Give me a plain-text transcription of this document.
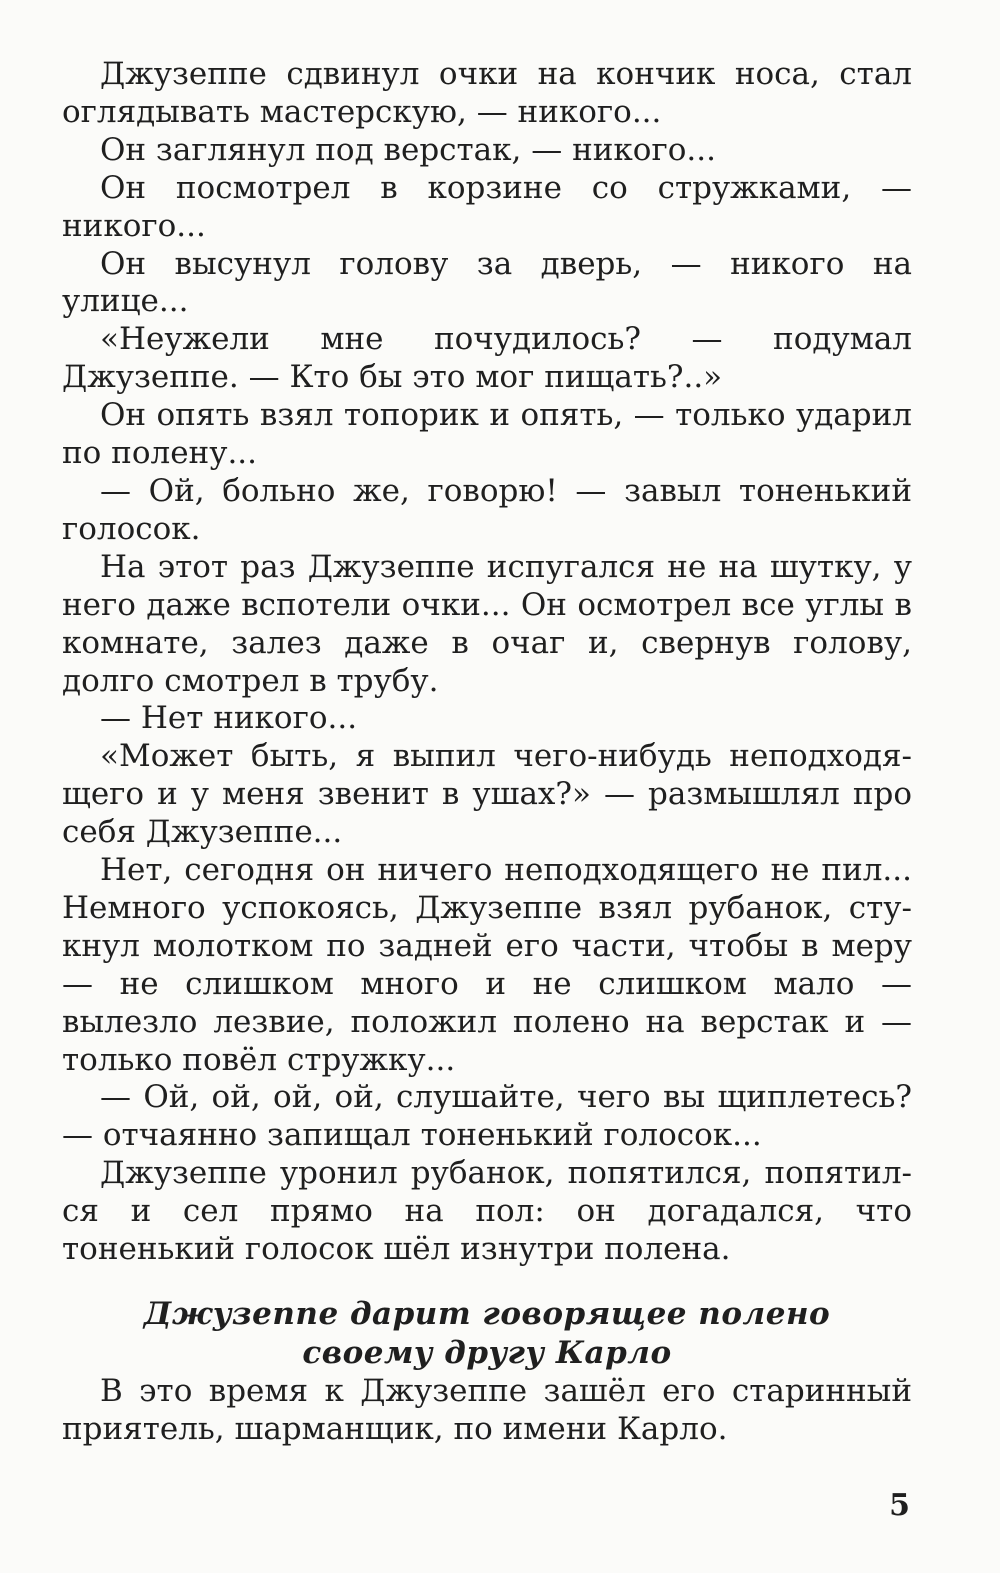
Джузеппе сдвинул очки на кончик носа, стал оглядывать мастерскую, — никого...

Он заглянул под верстак, — никого...

Он посмотрел в корзине со стружками, — никого...

Он высунул голову за дверь, — никого на улице...

«Неужели мне почудилось? — подумал Джузеппе. — Кто бы это мог пищать?..»

Он опять взял топорик и опять, — только ударил по полену...

— Ой, больно же, говорю! — завыл тоненький голосок.

На этот раз Джузеппе испугался не на шутку, у него даже вспотели очки... Он осмотрел все углы в комнате, залез даже в очаг и, свернув голову, долго смотрел в трубу.

— Нет никого...

«Может быть, я выпил чего-нибудь неподходящего и у меня звенит в ушах?» — размышлял про себя Джузеппе...

Нет, сегодня он ничего неподходящего не пил... Немного успокоясь, Джузеппе взял рубанок, стукнул молотком по задней его части, чтобы в меру — не слишком много и не слишком мало — вылезло лезвие, положил полено на верстак и — только повёл стружку...

— Ой, ой, ой, ой, слушайте, чего вы щиплетесь? — отчаянно запищал тоненький голосок...

Джузеппе уронил рубанок, попятился, попятился и сел прямо на пол: он догадался, что тоненький голосок шёл изнутри полена.

Джузеппе дарит говорящее полено
своему другу Карло

В это время к Джузеппе зашёл его старинный приятель, шарманщик, по имени Карло.

5
